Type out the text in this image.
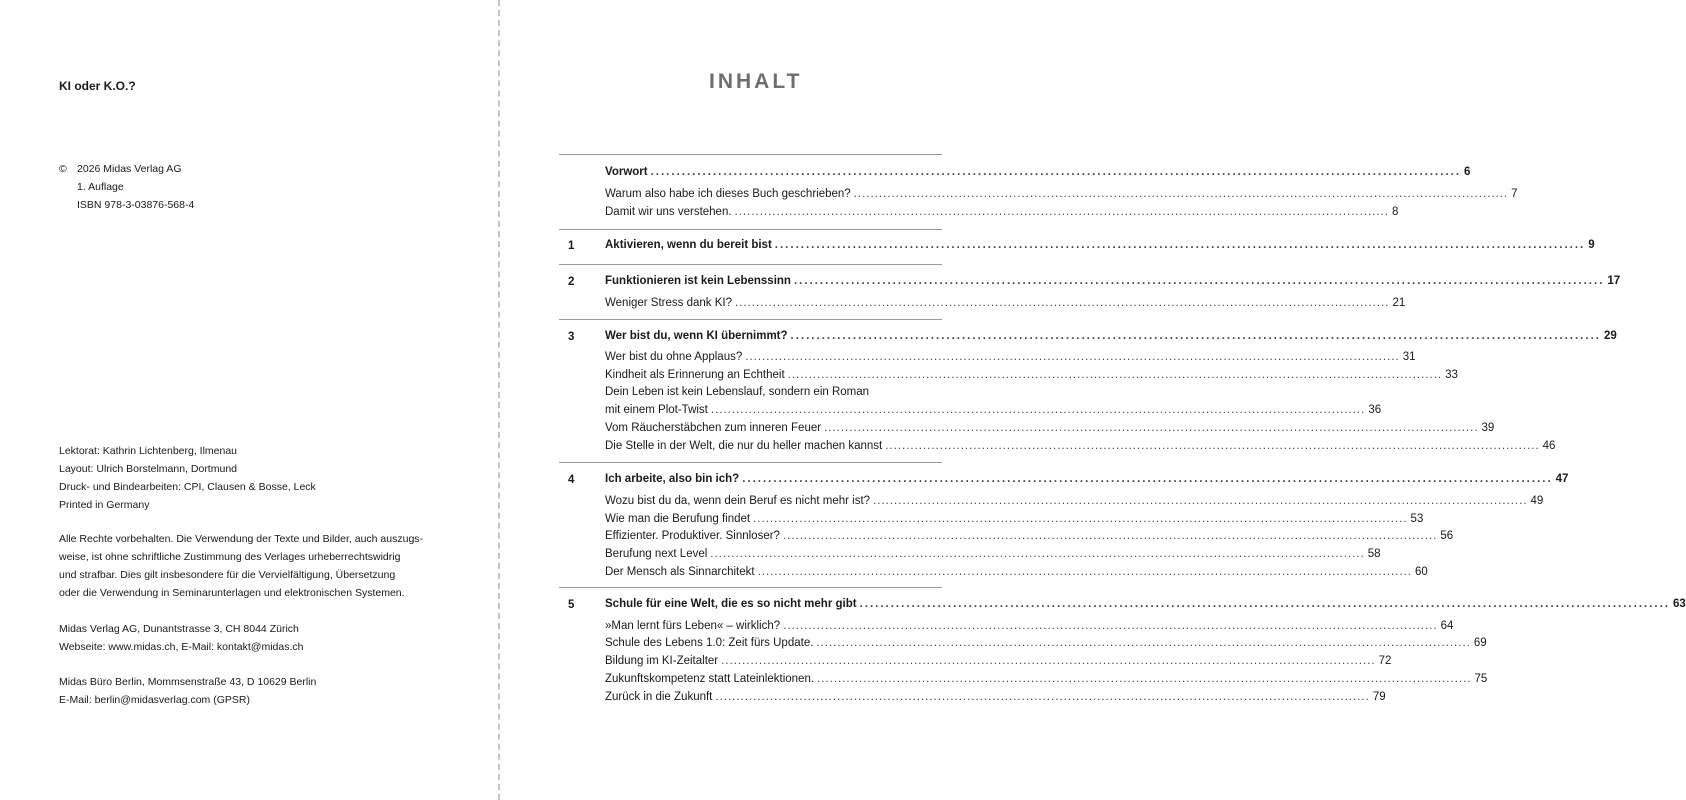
KI oder K.O.?
© 2026 Midas Verlag AG
1. Auflage
ISBN 978-3-03876-568-4
Lektorat: Kathrin Lichtenberg, Ilmenau
Layout: Ulrich Borstelmann, Dortmund
Druck- und Bindearbeiten: CPI, Clausen & Bosse, Leck
Printed in Germany
Alle Rechte vorbehalten. Die Verwendung der Texte und Bilder, auch auszugs-
weise, ist ohne schriftliche Zustimmung des Verlages urheberrechtswidrig
und strafbar. Dies gilt insbesondere für die Vervielfältigung, Übersetzung
oder die Verwendung in Seminarunterlagen und elektronischen Systemen.
Midas Verlag AG, Dunantstrasse 3, CH 8044 Zürich
Webseite: www.midas.ch, E-Mail: kontakt@midas.ch
Midas Büro Berlin, Mommsenstraße 43, D 10629 Berlin
E-Mail: berlin@midasverlag.com (GPSR)
INHALT
Vorwort .....	6
Warum also habe ich dieses Buch geschrieben? .....	7
Damit wir uns verstehen. .....	8
1	Aktivieren, wenn du bereit bist .....	9
2	Funktionieren ist kein Lebenssinn .....	17
Weniger Stress dank KI? .....	21
3	Wer bist du, wenn KI übernimmt? .....	29
Wer bist du ohne Applaus? .....	31
Kindheit als Erinnerung an Echtheit .....	33
Dein Leben ist kein Lebenslauf, sondern ein Roman
mit einem Plot-Twist .....	36
Vom Räucherstäbchen zum inneren Feuer .....	39
Die Stelle in der Welt, die nur du heller machen kannst .....	46
4	Ich arbeite, also bin ich? .....	47
Wozu bist du da, wenn dein Beruf es nicht mehr ist? .....	49
Wie man die Berufung findet .....	53
Effizienter. Produktiver. Sinnloser? .....	56
Berufung next Level .....	58
Der Mensch als Sinnarchitekt .....	60
5	Schule für eine Welt, die es so nicht mehr gibt .....	63
»Man lernt fürs Leben« – wirklich? .....	64
Schule des Lebens 1.0: Zeit fürs Update. .....	69
Bildung im KI-Zeitalter .....	72
Zukunftskompetenz statt Lateinlektionen. .....	75
Zurück in die Zukunft .....	79
